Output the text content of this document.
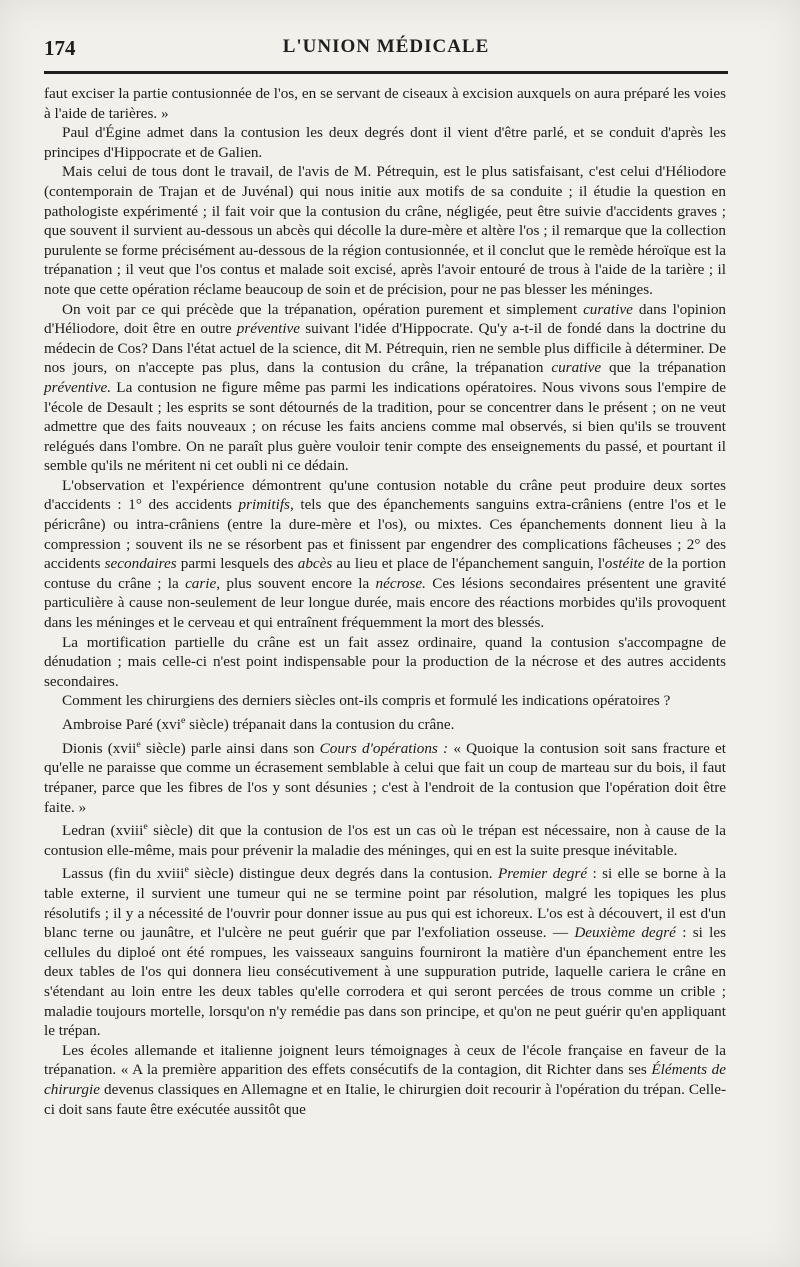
174	L'UNION MÉDICALE

faut exciser la partie contusionnée de l'os, en se servant de ciseaux à excision auxquels on aura préparé les voies à l'aide de tarières. »

Paul d'Égine admet dans la contusion les deux degrés dont il vient d'être parlé, et se conduit d'après les principes d'Hippocrate et de Galien.

Mais celui de tous dont le travail, de l'avis de M. Pétrequin, est le plus satisfaisant, c'est celui d'Héliodore (contemporain de Trajan et de Juvénal) qui nous initie aux motifs de sa conduite ; il étudie la question en pathologiste expérimenté ; il fait voir que la contusion du crâne, négligée, peut être suivie d'accidents graves ; que souvent il survient au-dessous un abcès qui décolle la dure-mère et altère l'os ; il remarque que la collection purulente se forme précisément au-dessous de la région contusionnée, et il conclut que le remède héroïque est la trépanation ; il veut que l'os contus et malade soit excisé, après l'avoir entouré de trous à l'aide de la tarière ; il note que cette opération réclame beaucoup de soin et de précision, pour ne pas blesser les méninges.

On voit par ce qui précède que la trépanation, opération purement et simplement curative dans l'opinion d'Héliodore, doit être en outre préventive suivant l'idée d'Hippocrate. Qu'y a-t-il de fondé dans la doctrine du médecin de Cos? Dans l'état actuel de la science, dit M. Pétrequin, rien ne semble plus difficile à déterminer. De nos jours, on n'accepte pas plus, dans la contusion du crâne, la trépanation curative que la trépanation préventive. La contusion ne figure même pas parmi les indications opératoires. Nous vivons sous l'empire de l'école de Desault ; les esprits se sont détournés de la tradition, pour se concentrer dans le présent ; on ne veut admettre que des faits nouveaux ; on récuse les faits anciens comme mal observés, si bien qu'ils se trouvent relégués dans l'ombre. On ne paraît plus guère vouloir tenir compte des enseignements du passé, et pourtant il semble qu'ils ne méritent ni cet oubli ni ce dédain.

L'observation et l'expérience démontrent qu'une contusion notable du crâne peut produire deux sortes d'accidents : 1° des accidents primitifs, tels que des épanchements sanguins extra-crâniens (entre l'os et le péricrâne) ou intra-crâniens (entre la dure-mère et l'os), ou mixtes. Ces épanchements donnent lieu à la compression ; souvent ils ne se résorbent pas et finissent par engendrer des complications fâcheuses ; 2° des accidents secondaires parmi lesquels des abcès au lieu et place de l'épanchement sanguin, l'ostéite de la portion contuse du crâne ; la carie, plus souvent encore la nécrose. Ces lésions secondaires présentent une gravité particulière à cause non-seulement de leur longue durée, mais encore des réactions morbides qu'ils provoquent dans les méninges et le cerveau et qui entraînent fréquemment la mort des blessés.

La mortification partielle du crâne est un fait assez ordinaire, quand la contusion s'accompagne de dénudation ; mais celle-ci n'est point indispensable pour la production de la nécrose et des autres accidents secondaires.

Comment les chirurgiens des derniers siècles ont-ils compris et formulé les indications opératoires ?

Ambroise Paré (xvi$^e$ siècle) trépanait dans la contusion du crâne.

Dionis (xvii$^e$ siècle) parle ainsi dans son Cours d'opérations : « Quoique la contusion soit sans fracture et qu'elle ne paraisse que comme un écrasement semblable à celui que fait un coup de marteau sur du bois, il faut trépaner, parce que les fibres de l'os y sont désunies ; c'est à l'endroit de la contusion que l'opération doit être faite. »

Ledran (xviii$^e$ siècle) dit que la contusion de l'os est un cas où le trépan est nécessaire, non à cause de la contusion elle-même, mais pour prévenir la maladie des méninges, qui en est la suite presque inévitable.

Lassus (fin du xviii$^e$ siècle) distingue deux degrés dans la contusion. Premier degré : si elle se borne à la table externe, il survient une tumeur qui ne se termine point par résolution, malgré les topiques les plus résolutifs ; il y a nécessité de l'ouvrir pour donner issue au pus qui est ichoreux. L'os est à découvert, il est d'un blanc terne ou jaunâtre, et l'ulcère ne peut guérir que par l'exfoliation osseuse. — Deuxième degré : si les cellules du diploé ont été rompues, les vaisseaux sanguins fourniront la matière d'un épanchement entre les deux tables de l'os qui donnera lieu consécutivement à une suppuration putride, laquelle cariera le crâne en s'étendant au loin entre les deux tables qu'elle corrodera et qui seront percées de trous comme un crible ; maladie toujours mortelle, lorsqu'on n'y remédie pas dans son principe, et qu'on ne peut guérir qu'en appliquant le trépan.

Les écoles allemande et italienne joignent leurs témoignages à ceux de l'école française en faveur de la trépanation. « A la première apparition des effets consécutifs de la contagion, dit Richter dans ses Éléments de chirurgie devenus classiques en Allemagne et en Italie, le chirurgien doit recourir à l'opération du trépan. Celle-ci doit sans faute être exécutée aussitôt que
